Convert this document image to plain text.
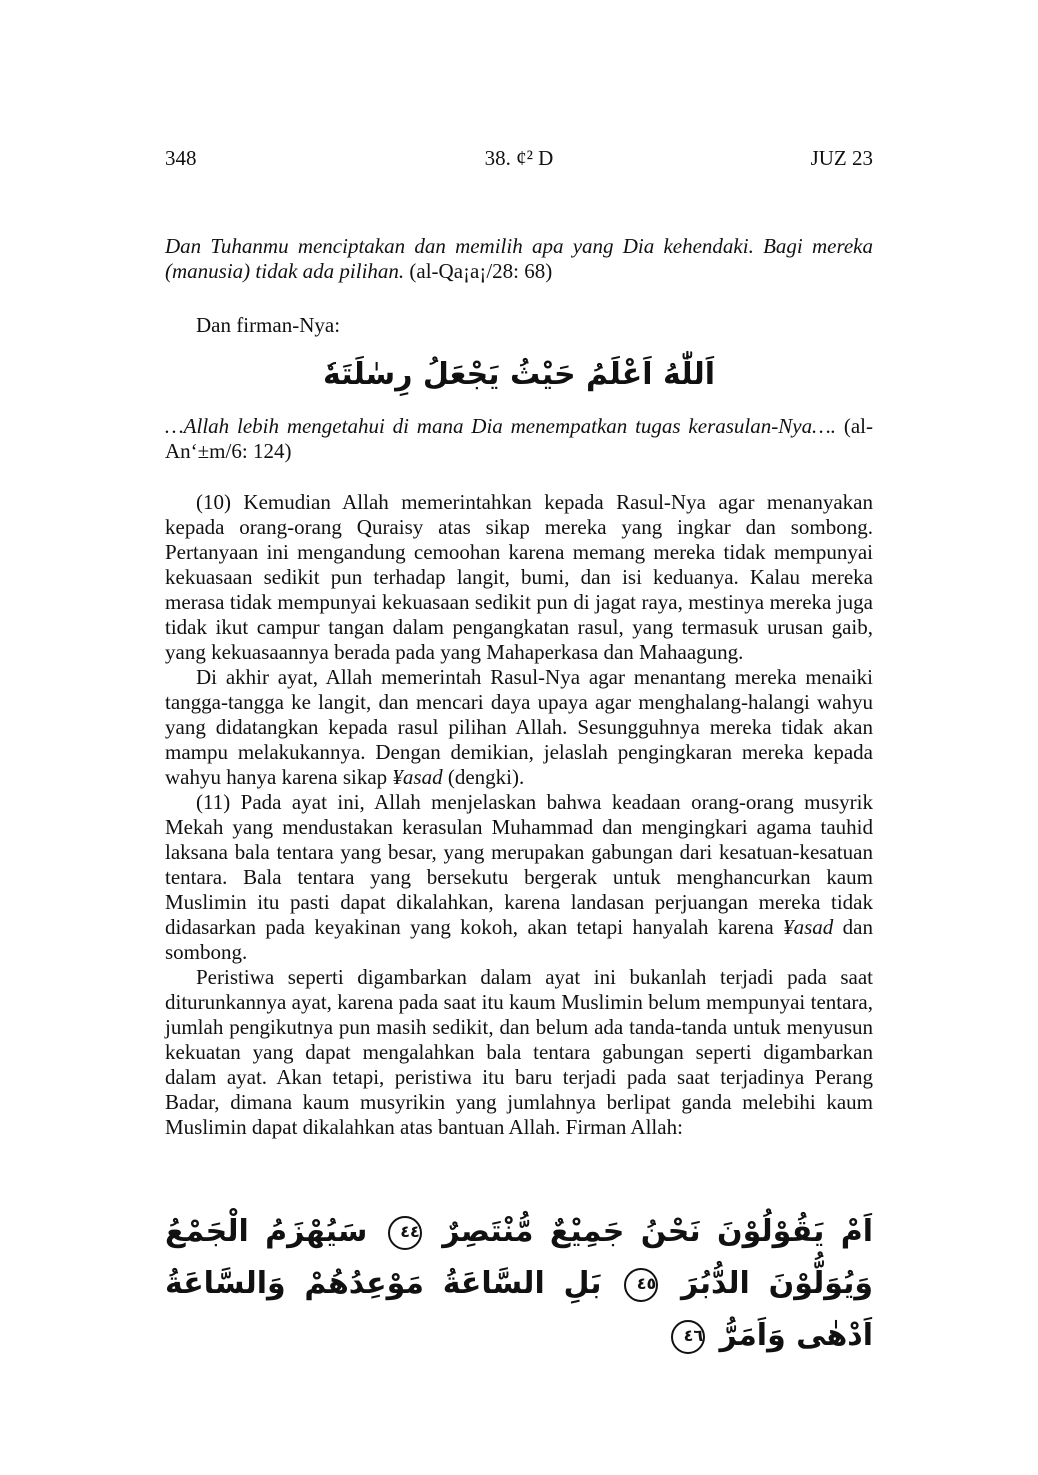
348	38. ¢² D	JUZ 23
Dan Tuhanmu menciptakan dan memilih apa yang Dia kehendaki. Bagi mereka (manusia) tidak ada pilihan. (al-Qa¡a¡/28: 68)
Dan firman-Nya:
اَللّٰهُ اَعْلَمُ حَيْثُ يَجْعَلُ رِسٰلَتَهٗ
…Allah lebih mengetahui di mana Dia menempatkan tugas kerasulan-Nya…. (al-An‘±m/6: 124)

(10) Kemudian Allah memerintahkan kepada Rasul-Nya agar menanyakan kepada orang-orang Quraisy atas sikap mereka yang ingkar dan sombong. Pertanyaan ini mengandung cemoohan karena memang mereka tidak mempunyai kekuasaan sedikit pun terhadap langit, bumi, dan isi keduanya. Kalau mereka merasa tidak mempunyai kekuasaan sedikit pun di jagat raya, mestinya mereka juga tidak ikut campur tangan dalam pengangkatan rasul, yang termasuk urusan gaib, yang kekuasaannya berada pada yang Mahaperkasa dan Mahaagung.

Di akhir ayat, Allah memerintah Rasul-Nya agar menantang mereka menaiki tangga-tangga ke langit, dan mencari daya upaya agar menghalang-halangi wahyu yang didatangkan kepada rasul pilihan Allah. Sesungguhnya mereka tidak akan mampu melakukannya. Dengan demikian, jelaslah pengingkaran mereka kepada wahyu hanya karena sikap ¥asad (dengki).

(11) Pada ayat ini, Allah menjelaskan bahwa keadaan orang-orang musyrik Mekah yang mendustakan kerasulan Muhammad dan mengingkari agama tauhid laksana bala tentara yang besar, yang merupakan gabungan dari kesatuan-kesatuan tentara. Bala tentara yang bersekutu bergerak untuk menghancurkan kaum Muslimin itu pasti dapat dikalahkan, karena landasan perjuangan mereka tidak didasarkan pada keyakinan yang kokoh, akan tetapi hanyalah karena ¥asad dan sombong.

Peristiwa seperti digambarkan dalam ayat ini bukanlah terjadi pada saat diturunkannya ayat, karena pada saat itu kaum Muslimin belum mempunyai tentara, jumlah pengikutnya pun masih sedikit, dan belum ada tanda-tanda untuk menyusun kekuatan yang dapat mengalahkan bala tentara gabungan seperti digambarkan dalam ayat. Akan tetapi, peristiwa itu baru terjadi pada saat terjadinya Perang Badar, dimana kaum musyrikin yang jumlahnya berlipat ganda melebihi kaum Muslimin dapat dikalahkan atas bantuan Allah. Firman Allah:

اَمْ يَقُوْلُوْنَ نَحْنُ جَمِيْعٌ مُّنْتَصِرٌ ٤٤ سَيُهْزَمُ الْجَمْعُ وَيُوَلُّوْنَ الدُّبُرَ ٤٥ بَلِ السَّاعَةُ مَوْعِدُهُمْ وَالسَّاعَةُ اَدْهٰى وَاَمَرُّ ٤٦
